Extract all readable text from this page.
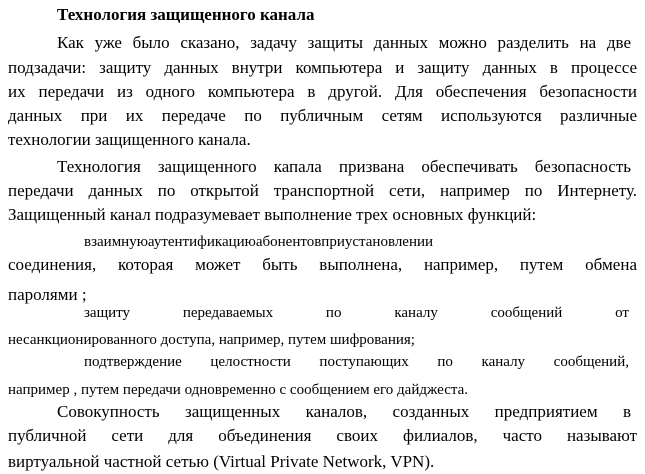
Технология защищенного канала
Как уже было сказано, задачу защиты данных можно разделить на две
подзадачи: защиту данных внутри компьютера и защиту данных в процессе
их передачи из одного компьютера в другой. Для обеспечения безопасности
данных при их передаче по публичным сетям используются различные
технологии защищенного канала.
Технология защищенного капала призвана обеспечивать безопасность
передачи данных по открытой транспортной сети, например по Интернету.
Защищенный канал подразумевает выполнение трех основных функций:
взаимнуюаутентификациюабонентовприустановлении
соединения, которая может быть выполнена, например, путем обмена
паролями ;
защиту передаваемых по каналу сообщений от
несанкционированного доступа, например, путем шифрования;
подтверждение целостности поступающих по каналу сообщений,
например , путем передачи одновременно с сообщением его дайджеста.
Совокупность защищенных каналов, созданных предприятием в
публичной сети для объединения своих филиалов, часто называют
виртуальной частной сетью (Virtual Private Network, VPN).
